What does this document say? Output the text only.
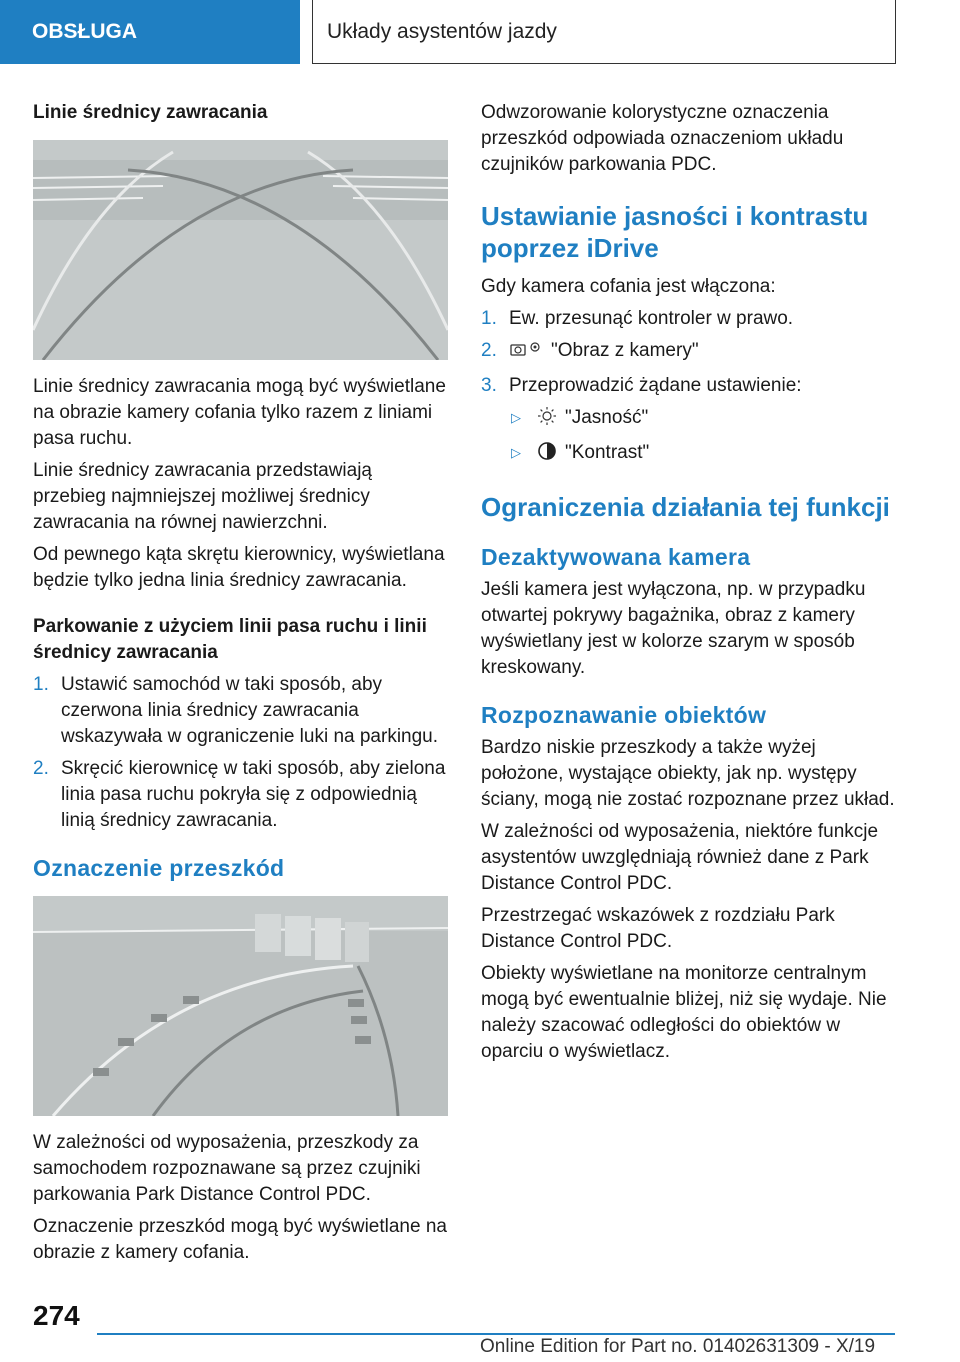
OBSŁUGA	Układy asystentów jazdy

Linie średnicy zawracania

Linie średnicy zawracania mogą być wyświetlane na obrazie kamery cofania tylko razem z liniami pasa ruchu.

Linie średnicy zawracania przedstawiają przebieg najmniejszej możliwej średnicy zawracania na równej nawierzchni.

Od pewnego kąta skrętu kierownicy, wyświetlana będzie tylko jedna linia średnicy zawracania.

Parkowanie z użyciem linii pasa ruchu i linii średnicy zawracania

1. Ustawić samochód w taki sposób, aby czerwona linia średnicy zawracania wskazywała w ograniczenie luki na parkingu.
2. Skręcić kierownicę w taki sposób, aby zielona linia pasa ruchu pokryła się z odpowiednią linią średnicy zawracania.
Oznaczenie przeszkód

W zależności od wyposażenia, przeszkody za samochodem rozpoznawane są przez czujniki parkowania Park Distance Control PDC.

Oznaczenie przeszkód mogą być wyświetlane na obrazie z kamery cofania.

Odwzorowanie kolorystyczne oznaczenia przeszkód odpowiada oznaczeniom układu czujników parkowania PDC.

Ustawianie jasności i kontrastu poprzez iDrive

Gdy kamera cofania jest włączona:

1. Ew. przesunąć kontroler w prawo.
2.	"Obraz z kamery"
3. Przeprowadzić żądane ustawienie:
▷ "Jasność"
▷ "Kontrast"
Ograniczenia działania tej funkcji
Dezaktywowana kamera

Jeśli kamera jest wyłączona, np. w przypadku otwartej pokrywy bagażnika, obraz z kamery wyświetlany jest w kolorze szarym w sposób kreskowany.

Rozpoznawanie obiektów

Bardzo niskie przeszkody a także wyżej położone, wystające obiekty, jak np. występy ściany, mogą nie zostać rozpoznane przez układ.

W zależności od wyposażenia, niektóre funkcje asystentów uwzględniają również dane z Park Distance Control PDC.

Przestrzegać wskazówek z rozdziału Park Distance Control PDC.

Obiekty wyświetlane na monitorze centralnym mogą być ewentualnie bliżej, niż się wydaje. Nie należy szacować odległości do obiektów w oparciu o wyświetlacz.

274
Online Edition for Part no. 01402631309 - X/19
